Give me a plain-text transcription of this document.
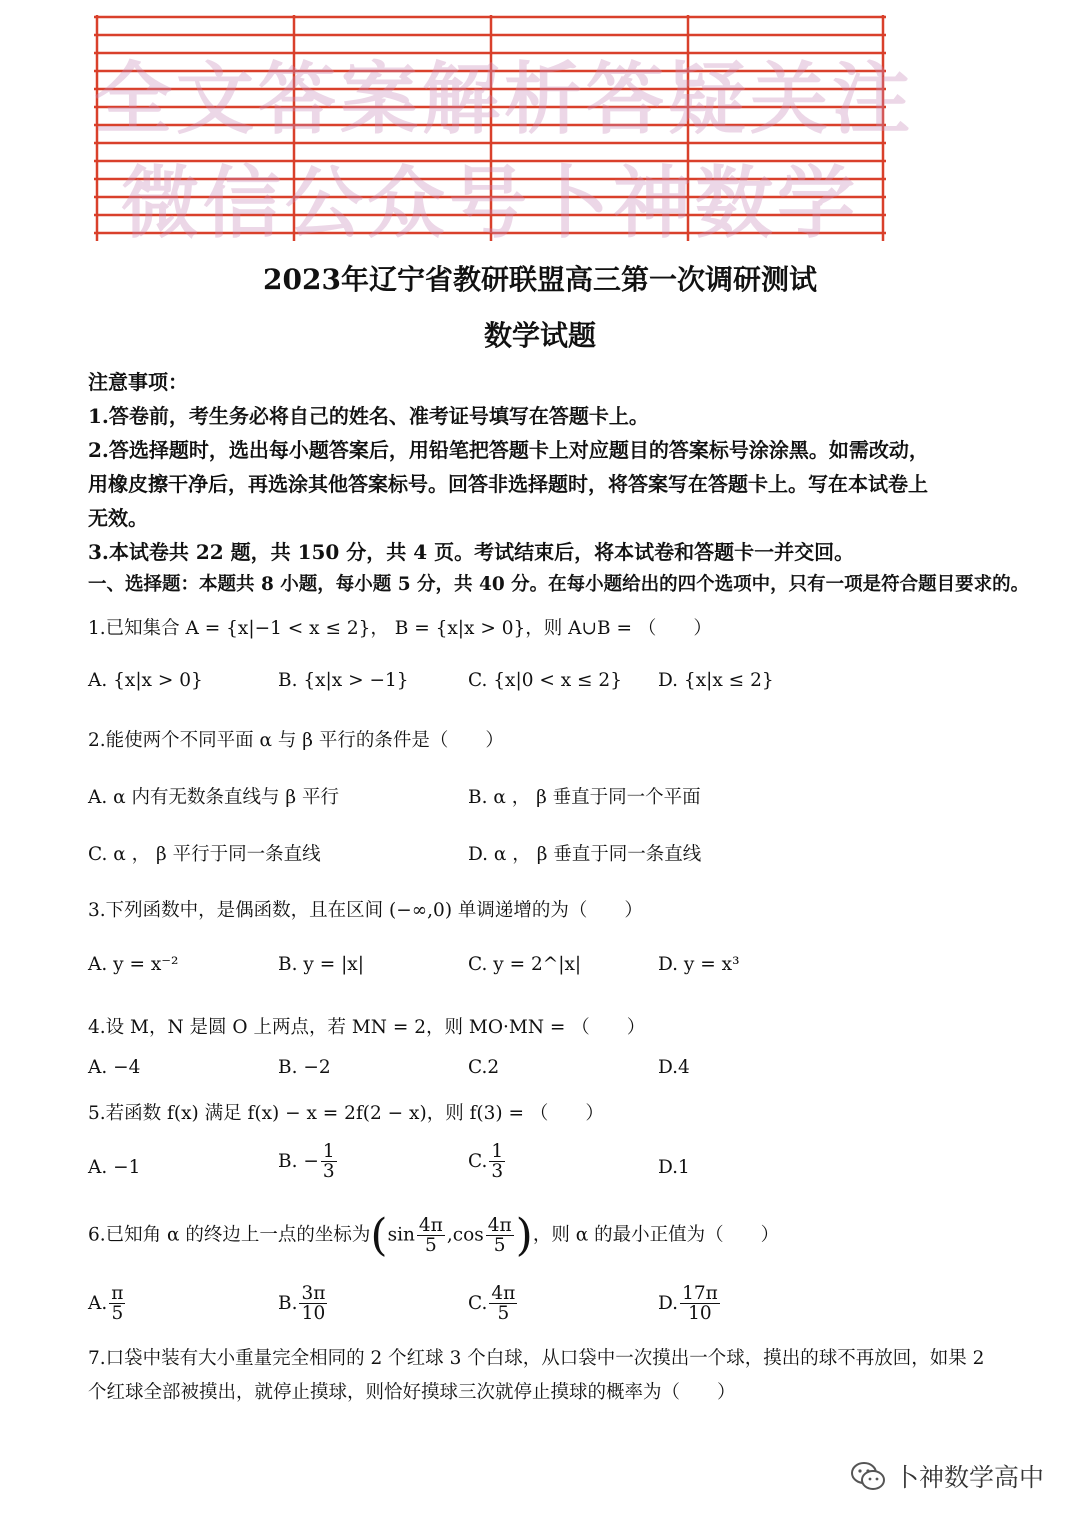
全文答案解析答疑关注
微信公众号卜神数学
2023年辽宁省教研联盟高三第一次调研测试
数学试题
注意事项：
1.答卷前，考生务必将自己的姓名、准考证号填写在答题卡上。
2.答选择题时，选出每小题答案后，用铅笔把答题卡上对应题目的答案标号涂涂黑。如需改动，
用橡皮擦干净后，再选涂其他答案标号。回答非选择题时，将答案写在答题卡上。写在本试卷上
无效。
3.本试卷共 22 题，共 150 分，共 4 页。考试结束后，将本试卷和答题卡一并交回。
一、选择题：本题共 8 小题，每小题 5 分，共 40 分。在每小题给出的四个选项中，只有一项是符合题目要求的。
1.已知集合 A = {x|−1 < x ≤ 2}， B = {x|x > 0}，则 A∪B = （　　）
A. {x|x > 0}	B. {x|x > −1}	C. {x|0 < x ≤ 2} D. {x|x ≤ 2}
2.能使两个不同平面 α 与 β 平行的条件是（　　）
A. α 内有无数条直线与 β 平行	B. α ， β 垂直于同一个平面
C. α ， β 平行于同一条直线	D. α ， β 垂直于同一条直线
3.下列函数中，是偶函数，且在区间 (−∞,0) 单调递增的为（　　）
A. y = x⁻²	B. y = |x|	C. y = 2^|x|	D. y = x³
4.设 M，N 是圆 O 上两点，若 MN = 2，则 MO·MN = （　　）
A. −4	B. −2	C.2	D.4
5.若函数 f(x) 满足 f(x) − x = 2f(2 − x)，则 f(3) = （　　）
A. −1	B. − $\frac{1}{3}$	C. $\frac{1}{3}$	D.1
6.已知角 α 的终边上一点的坐标为($\sin \frac{4\pi}{5} ,\cos \frac{4\pi}{5}$ )，则 α 的最小正值为（　　）
A. $\frac{\pi}{5}$	B. $\frac{3\pi}{10}$	C. $\frac{4\pi}{5}$	D. $\frac{17\pi}{10}$
7.口袋中装有大小重量完全相同的 2 个红球 3 个白球，从口袋中一次摸出一个球，摸出的球不再放回，如果 2
个红球全部被摸出，就停止摸球，则恰好摸球三次就停止摸球的概率为（　　）
卜神数学高中
